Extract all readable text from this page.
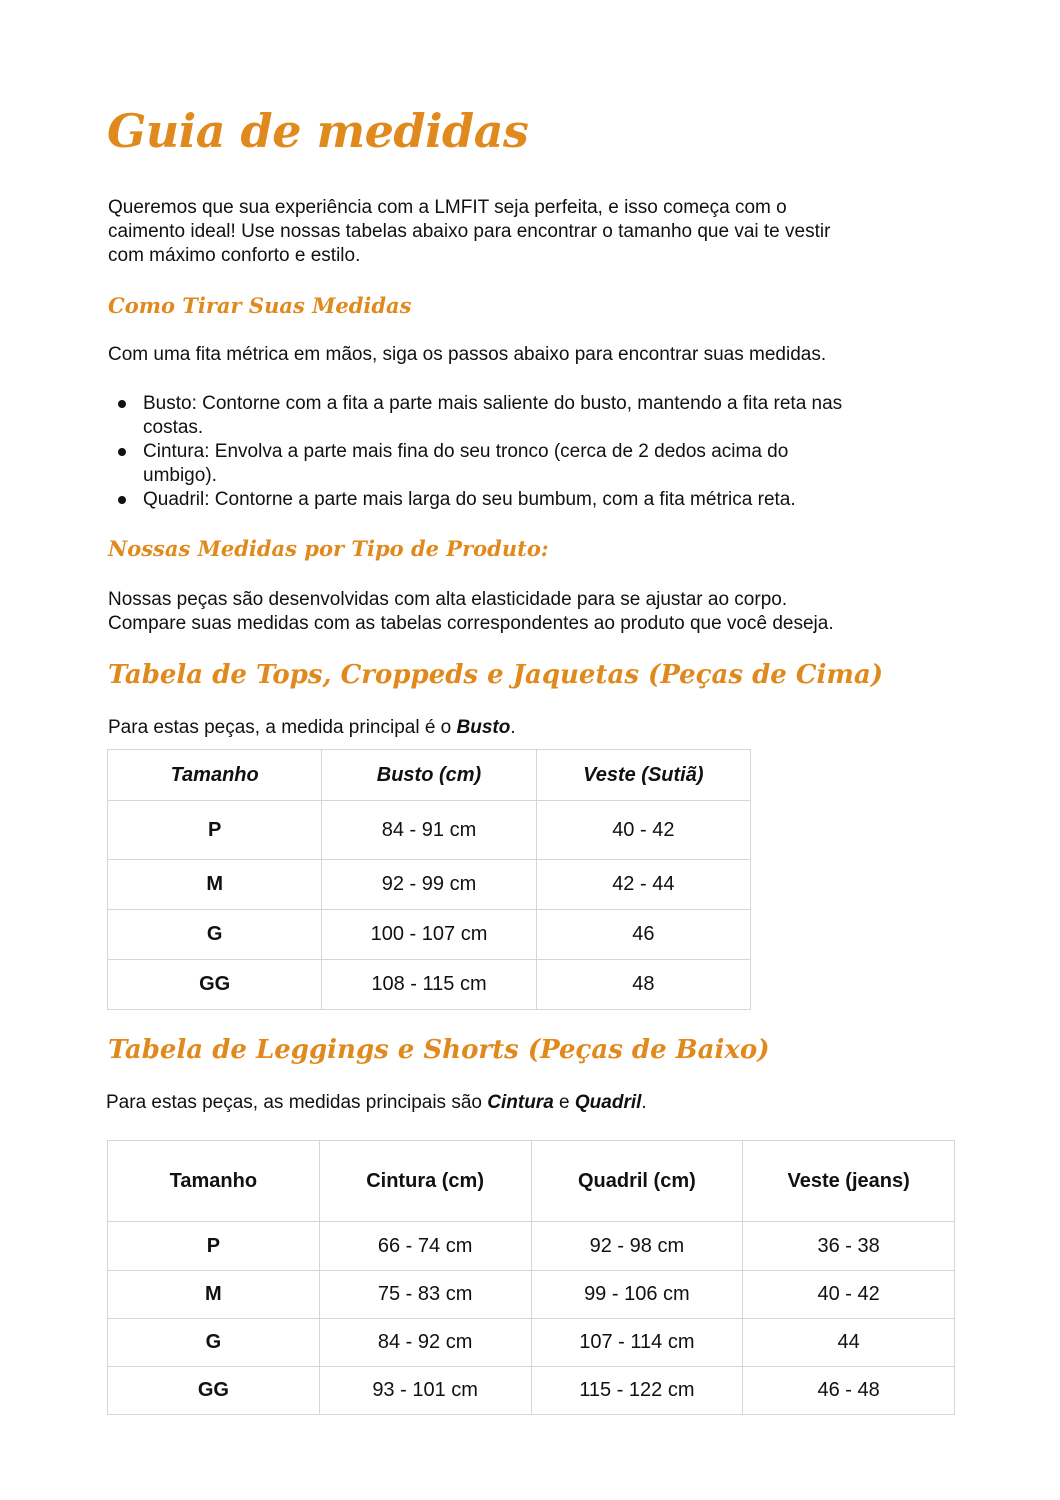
Guia de medidas

Queremos que sua experiência com a LMFIT seja perfeita, e isso começa com o

caimento ideal! Use nossas tabelas abaixo para encontrar o tamanho que vai te vestir

com máximo conforto e estilo.

Como Tirar Suas Medidas

Com uma fita métrica em mãos, siga os passos abaixo para encontrar suas medidas.

Busto: Contorne com a fita a parte mais saliente do busto, mantendo a fita reta nas
costas.
Cintura: Envolva a parte mais fina do seu tronco (cerca de 2 dedos acima do
umbigo).
Quadril: Contorne a parte mais larga do seu bumbum, com a fita métrica reta.
Nossas Medidas por Tipo de Produto:

Nossas peças são desenvolvidas com alta elasticidade para se ajustar ao corpo.

Compare suas medidas com as tabelas correspondentes ao produto que você deseja.

Tabela de Tops, Croppeds e Jaquetas (Peças de Cima)

Para estas peças, a medida principal é o Busto.

Tamanho	Busto (cm)	Veste (Sutiã)
P	84 - 91 cm	40 - 42
M	92 - 99 cm	42 - 44
G	100 - 107 cm	46
GG	108 - 115 cm	48
Tabela de Leggings e Shorts (Peças de Baixo)

Para estas peças, as medidas principais são Cintura e Quadril.

Tamanho	Cintura (cm)	Quadril (cm)	Veste (jeans)
P	66 - 74 cm	92 - 98 cm	36 - 38
M	75 - 83 cm	99 - 106 cm	40 - 42
G	84 - 92 cm	107 - 114 cm	44
GG	93 - 101 cm	115 - 122 cm	46 - 48
